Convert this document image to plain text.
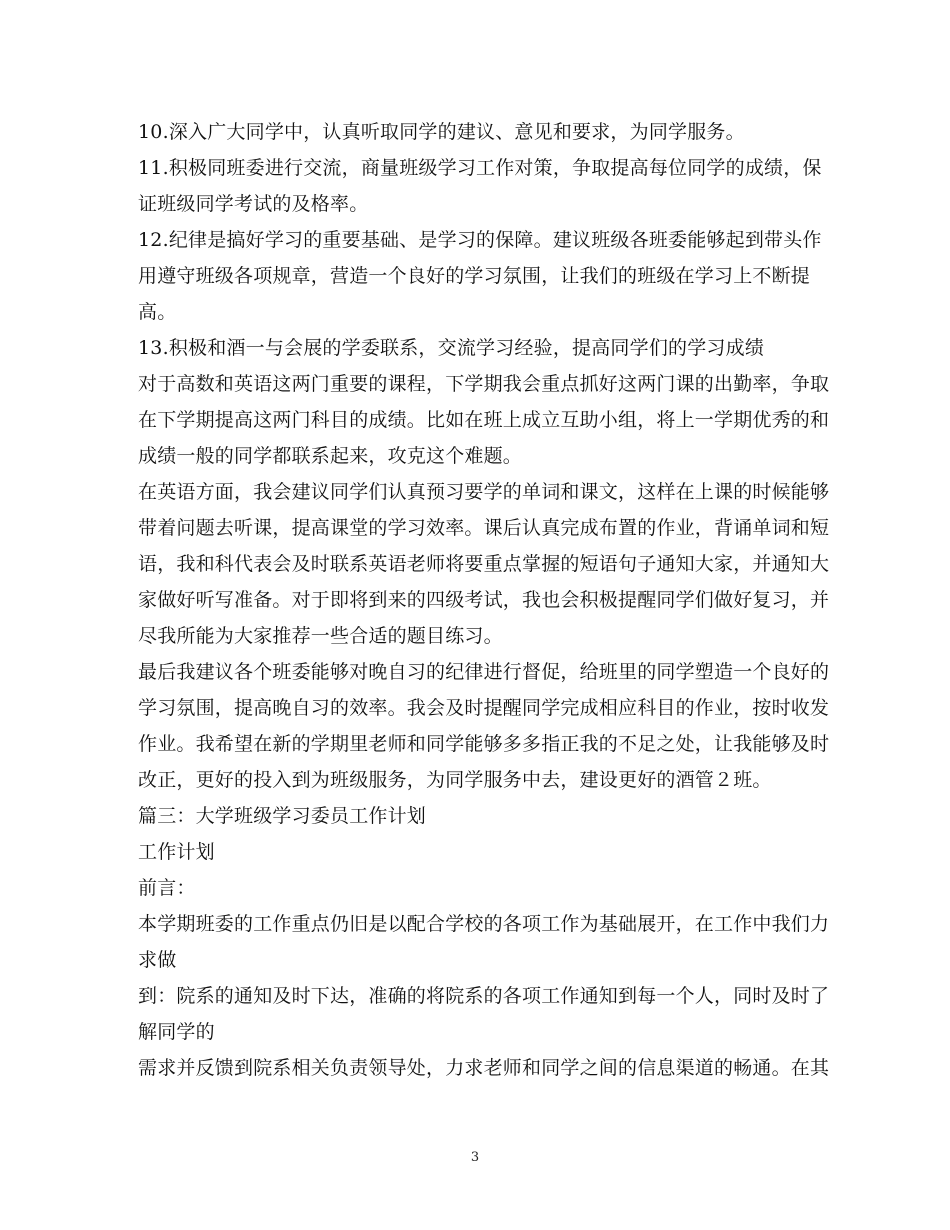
10.深入广大同学中，认真听取同学的建议、意见和要求，为同学服务。
11.积极同班委进行交流，商量班级学习工作对策，争取提高每位同学的成绩，保
证班级同学考试的及格率。
12.纪律是搞好学习的重要基础、是学习的保障。建议班级各班委能够起到带头作
用遵守班级各项规章，营造一个良好的学习氛围，让我们的班级在学习上不断提
高。
13.积极和酒一与会展的学委联系，交流学习经验，提高同学们的学习成绩
对于高数和英语这两门重要的课程，下学期我会重点抓好这两门课的出勤率，争取
在下学期提高这两门科目的成绩。比如在班上成立互助小组，将上一学期优秀的和
成绩一般的同学都联系起来，攻克这个难题。
在英语方面，我会建议同学们认真预习要学的单词和课文，这样在上课的时候能够
带着问题去听课，提高课堂的学习效率。课后认真完成布置的作业，背诵单词和短
语，我和科代表会及时联系英语老师将要重点掌握的短语句子通知大家，并通知大
家做好听写准备。对于即将到来的四级考试，我也会积极提醒同学们做好复习，并
尽我所能为大家推荐一些合适的题目练习。
最后我建议各个班委能够对晚自习的纪律进行督促，给班里的同学塑造一个良好的
学习氛围，提高晚自习的效率。我会及时提醒同学完成相应科目的作业，按时收发
作业。我希望在新的学期里老师和同学能够多多指正我的不足之处，让我能够及时
改正，更好的投入到为班级服务，为同学服务中去，建设更好的酒管２班。
篇三：大学班级学习委员工作计划
工作计划
前言：
本学期班委的工作重点仍旧是以配合学校的各项工作为基础展开，在工作中我们力
求做
到：院系的通知及时下达，准确的将院系的各项工作通知到每一个人，同时及时了
解同学的
需求并反馈到院系相关负责领导处，力求老师和同学之间的信息渠道的畅通。在其
3
